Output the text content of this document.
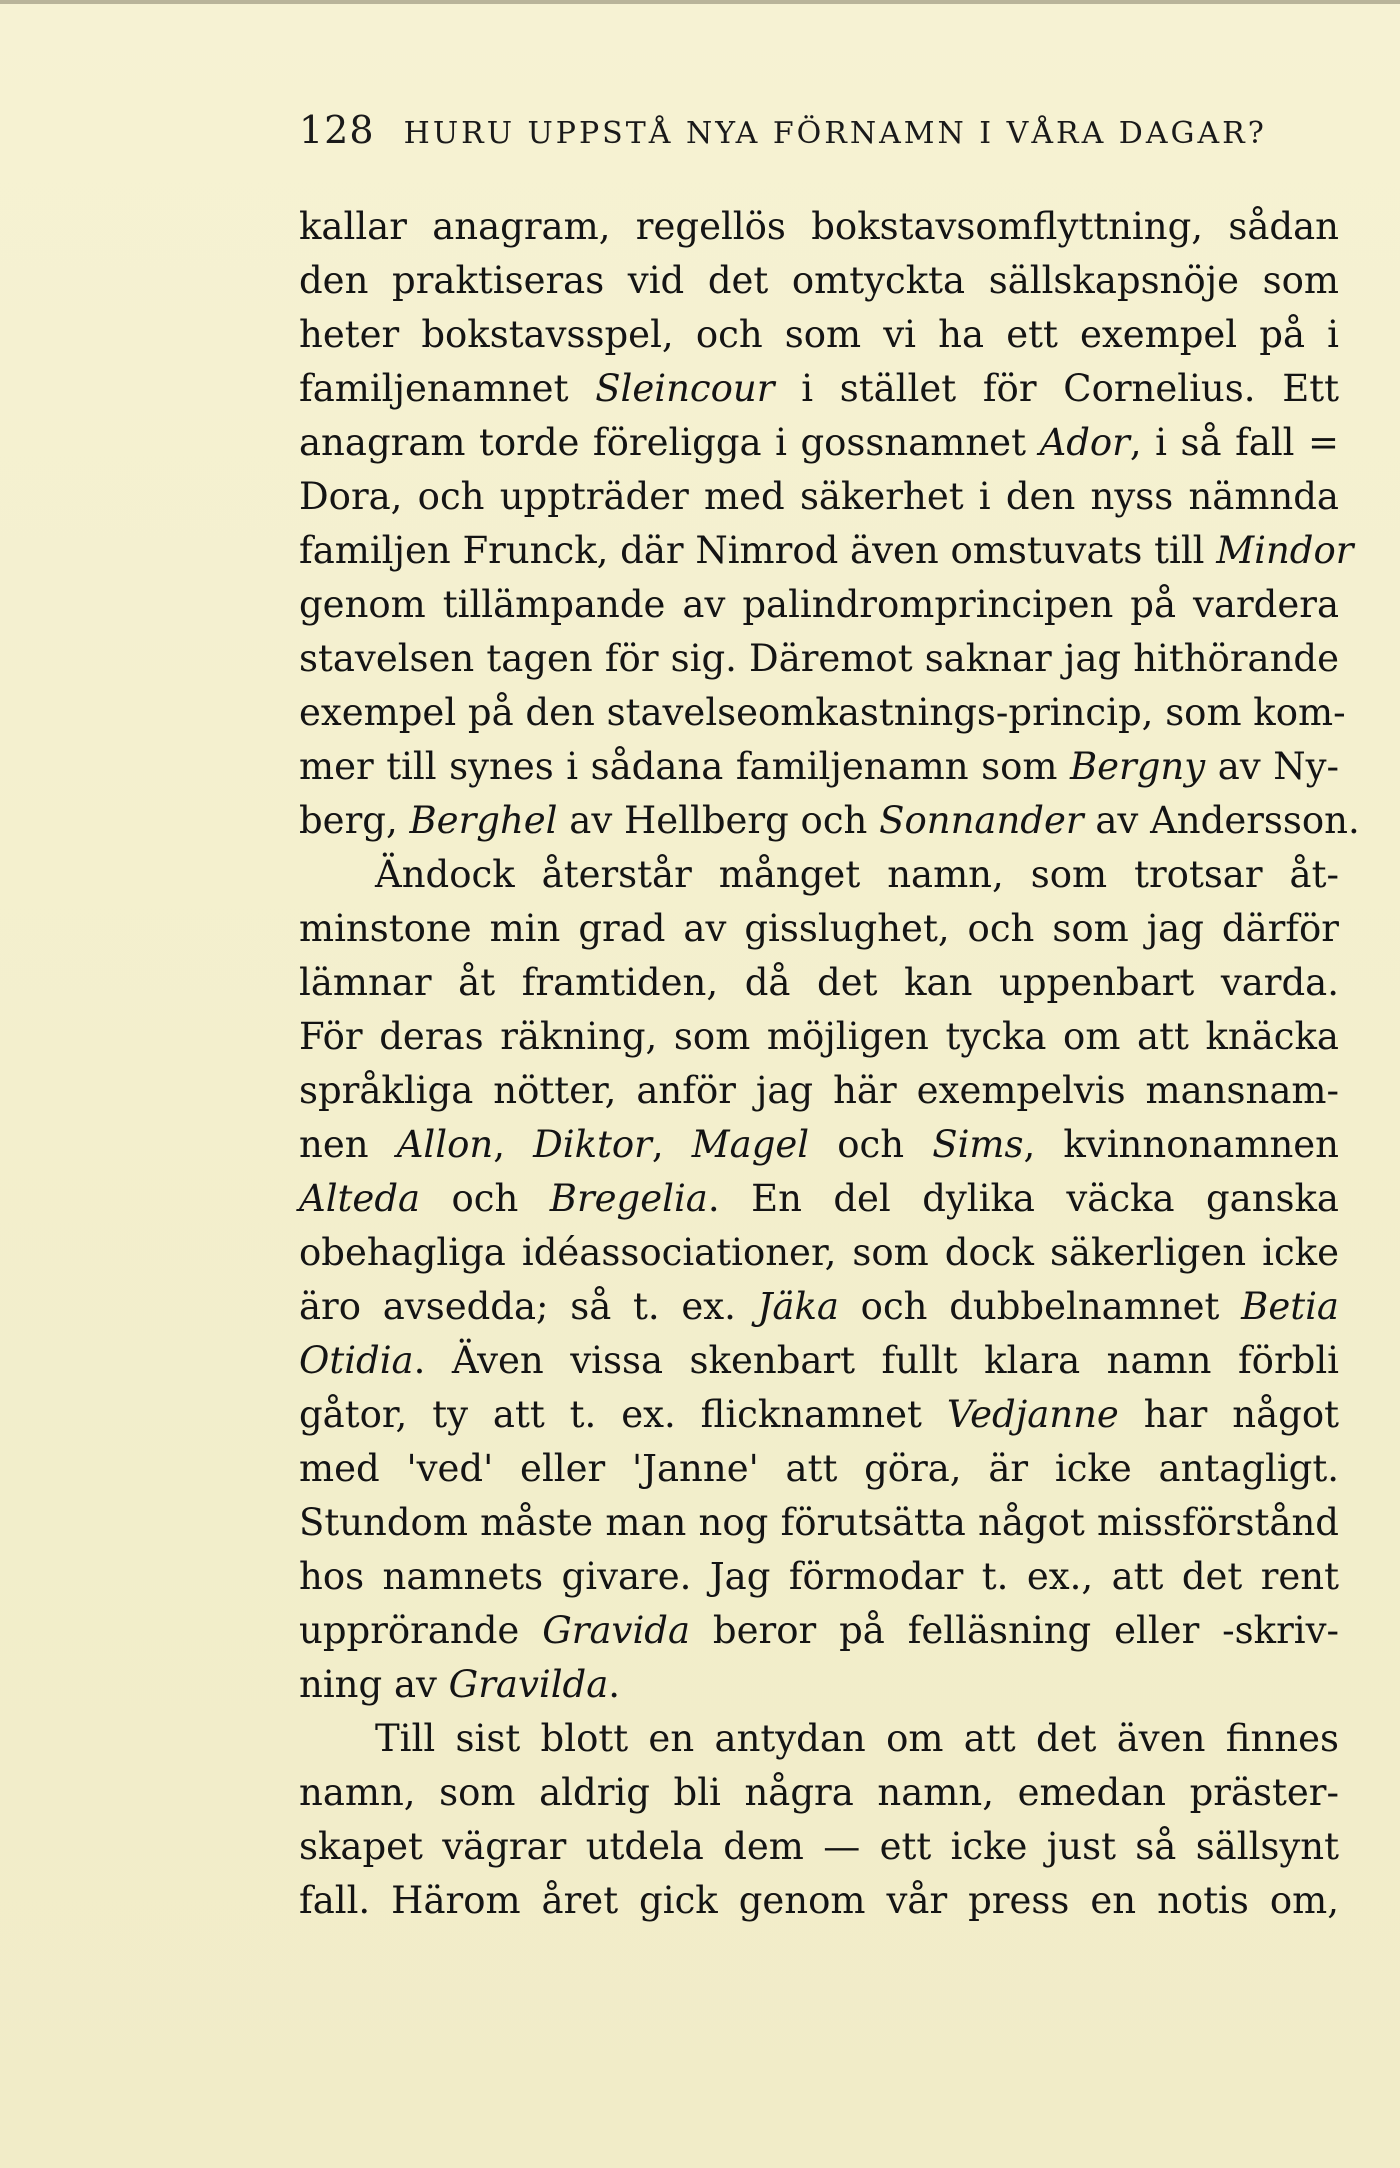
128 HURU UPPSTÅ NYA FÖRNAMN I VÅRA DAGAR?
kallar anagram, regellös bokstavsomflyttning, sådan
den praktiseras vid det omtyckta sällskapsnöje som
heter bokstavsspel, och som vi ha ett exempel på i
familjenamnet Sleincour i stället för Cornelius. Ett
anagram torde föreligga i gossnamnet Ador, i så fall =
Dora, och uppträder med säkerhet i den nyss nämnda
familjen Frunck, där Nimrod även omstuvats till Mindor
genom tillämpande av palindromprincipen på vardera
stavelsen tagen för sig. Däremot saknar jag hithörande
exempel på den stavelseomkastnings-princip, som kom-
mer till synes i sådana familjenamn som Bergny av Ny-
berg, Berghel av Hellberg och Sonnander av Andersson.
Ändock återstår månget namn, som trotsar åt-
minstone min grad av gisslughet, och som jag därför
lämnar åt framtiden, då det kan uppenbart varda.
För deras räkning, som möjligen tycka om att knäcka
språkliga nötter, anför jag här exempelvis mansnam-
nen Allon, Diktor, Magel och Sims, kvinnonamnen
Alteda och Bregelia. En del dylika väcka ganska
obehagliga idéassociationer, som dock säkerligen icke
äro avsedda; så t. ex. Jäka och dubbelnamnet Betia
Otidia. Även vissa skenbart fullt klara namn förbli
gåtor, ty att t. ex. flicknamnet Vedjanne har något
med 'ved' eller 'Janne' att göra, är icke antagligt.
Stundom måste man nog förutsätta något missförstånd
hos namnets givare. Jag förmodar t. ex., att det rent
upprörande Gravida beror på felläsning eller -skriv-
ning av Gravilda.
Till sist blott en antydan om att det även finnes
namn, som aldrig bli några namn, emedan präster-
skapet vägrar utdela dem — ett icke just så sällsynt
fall. Härom året gick genom vår press en notis om,
